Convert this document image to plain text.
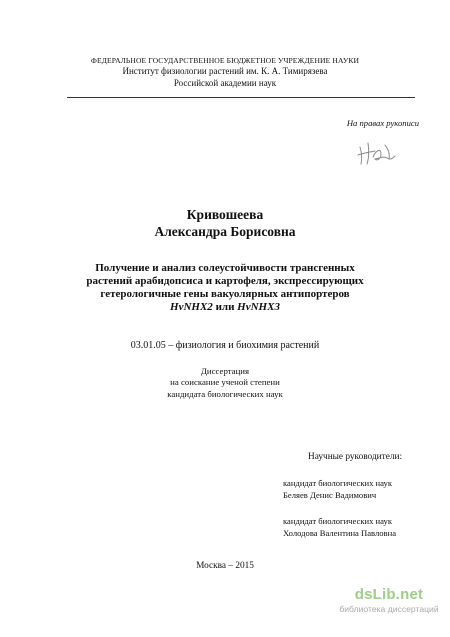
ФЕДЕРАЛЬНОЕ ГОСУДАРСТВЕННОЕ БЮДЖЕТНОЕ УЧРЕЖДЕНИЕ НАУКИ
Институт физиологии растений им. К. А. Тимирязева
Российской академии наук
На правах рукописи
Кривошеева
Александра Борисовна
Получение и анализ солеустойчивости трансгенных
растений арабидопсиса и картофеля, экспрессирующих
гетерологичные гены вакуолярных антипортеров
HvNHX2 или HvNHX3
03.01.05 – физиология и биохимия растений
Диссертация
на соискание ученой степени
кандидата биологических наук
Научные руководители:
кандидат биологических наук
Беляев Денис Вадимович
кандидат биологических наук
Холодова Валентина Павловна
Москва – 2015
dsLib.net
библиотека диссертаций
